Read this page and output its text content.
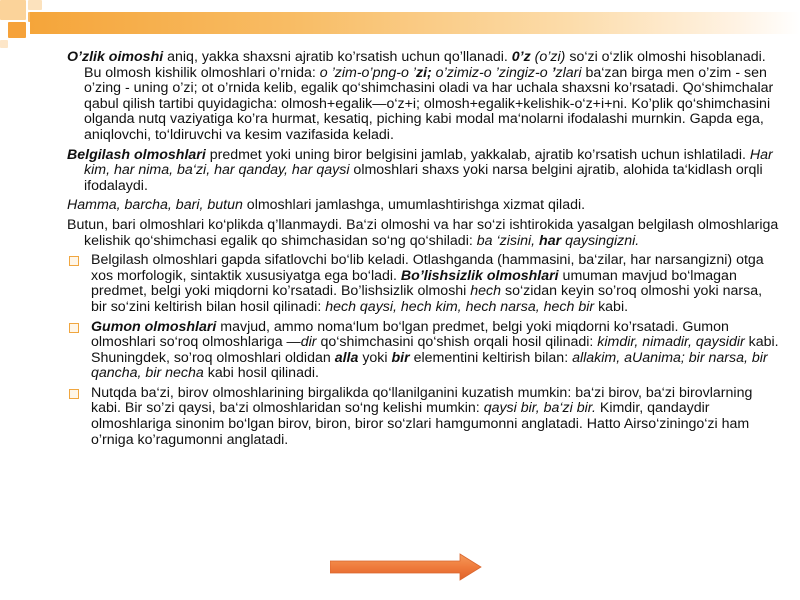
O’zlik oimoshi aniq, yakka shaxsni ajratib ko’rsatish uchun qo’llanadi. 0’z (o’zi) so‘zi o‘zlik olmoshi hisoblanadi. Bu olmosh kishilik olmoshlari o’rnida: o ’zim-o’png-o ’zi; o’zimiz-o ’zingiz-o ’zlari ba‘zan birga men o’zim - sen o’zing - uning o’zi; ot o’rnida kelib, egalik qo‘shimchasini oladi va har uchala shaxsni ko’rsatadi. Qo‘shimchalar qabul qilish tartibi quyidagicha: olmosh+egalik—o‘z+i; olmosh+egalik+kelishik-o‘z+i+ni. Ko’plik qo‘shimchasini olganda nutq vaziyatiga ko’ra hurmat, kesatiq, piching kabi modal ma‘nolarni ifodalashi murnkin. Gapda ega, aniqlovchi, to‘ldiruvchi va kesim vazifasida keladi.

Belgilash olmoshlari predmet yoki uning biror belgisini jamlab, yakkalab, ajratib ko’rsatish uchun ishlatiladi. Har kim, har nima, ba‘zi, har qanday, har qaysi olmoshlari shaxs yoki narsa belgini ajratib, alohida ta‘kidlash orqli ifodalaydi.

Hamma, barcha, bari, butun olmoshlari jamlashga, umumlashtirishga xizmat qiladi.

Butun, bari olmoshlari ko‘plikda q’llanmaydi. Ba‘zi olmoshi va har so‘zi ishtirokida yasalgan belgilash olmoshlariga kelishik qo‘shimchasi egalik qo shimchasidan so‘ng qo‘shiladi: ba ‘zisini, har qaysingizni.

Belgilash olmoshlari gapda sifatlovchi bo‘lib keladi. Otlashganda (hammasini, ba‘zilar, har narsangizni) otga xos morfologik, sintaktik xususiyatga ega bo‘ladi. Bo’lishsizlik olmoshlari umuman mavjud bo‘lmagan predmet, belgi yoki miqdorni ko’rsatadi. Bo’lishsizlik olmoshi hech so‘zidan keyin so’roq olmoshi yoki narsa, bir so‘zini keltirish bilan hosil qilinadi: hech qaysi, hech kim, hech narsa, hech bir kabi.
Gumon olmoshlari mavjud, ammo noma‘lum bo‘lgan predmet, belgi yoki miqdorni ko’rsatadi. Gumon olmoshlari so‘roq olmoshlariga —dir qo‘shimchasini qo‘shish orqali hosil qilinadi: kimdir, nimadir, qaysidir kabi. Shuningdek, so’roq olmoshlari oldidan alla yoki bir elementini keltirish bilan: allakim, aUanima; bir narsa, bir qancha, bir necha kabi hosil qilinadi.
Nutqda ba‘zi, birov olmoshlarining birgalikda qo‘llanilganini kuzatish mumkin: ba‘zi birov, ba‘zi birovlarning kabi. Bir so’zi qaysi, ba‘zi olmoshlaridan so‘ng kelishi mumkin: qaysi bir, ba‘zi bir. Kimdir, qandaydir olmoshlariga sinonim bo‘lgan birov, biron, biror so‘zlari hamgumonni anglatadi. Hatto Airso‘ziningo‘zi ham o’rniga ko’ragumonni anglatadi.
